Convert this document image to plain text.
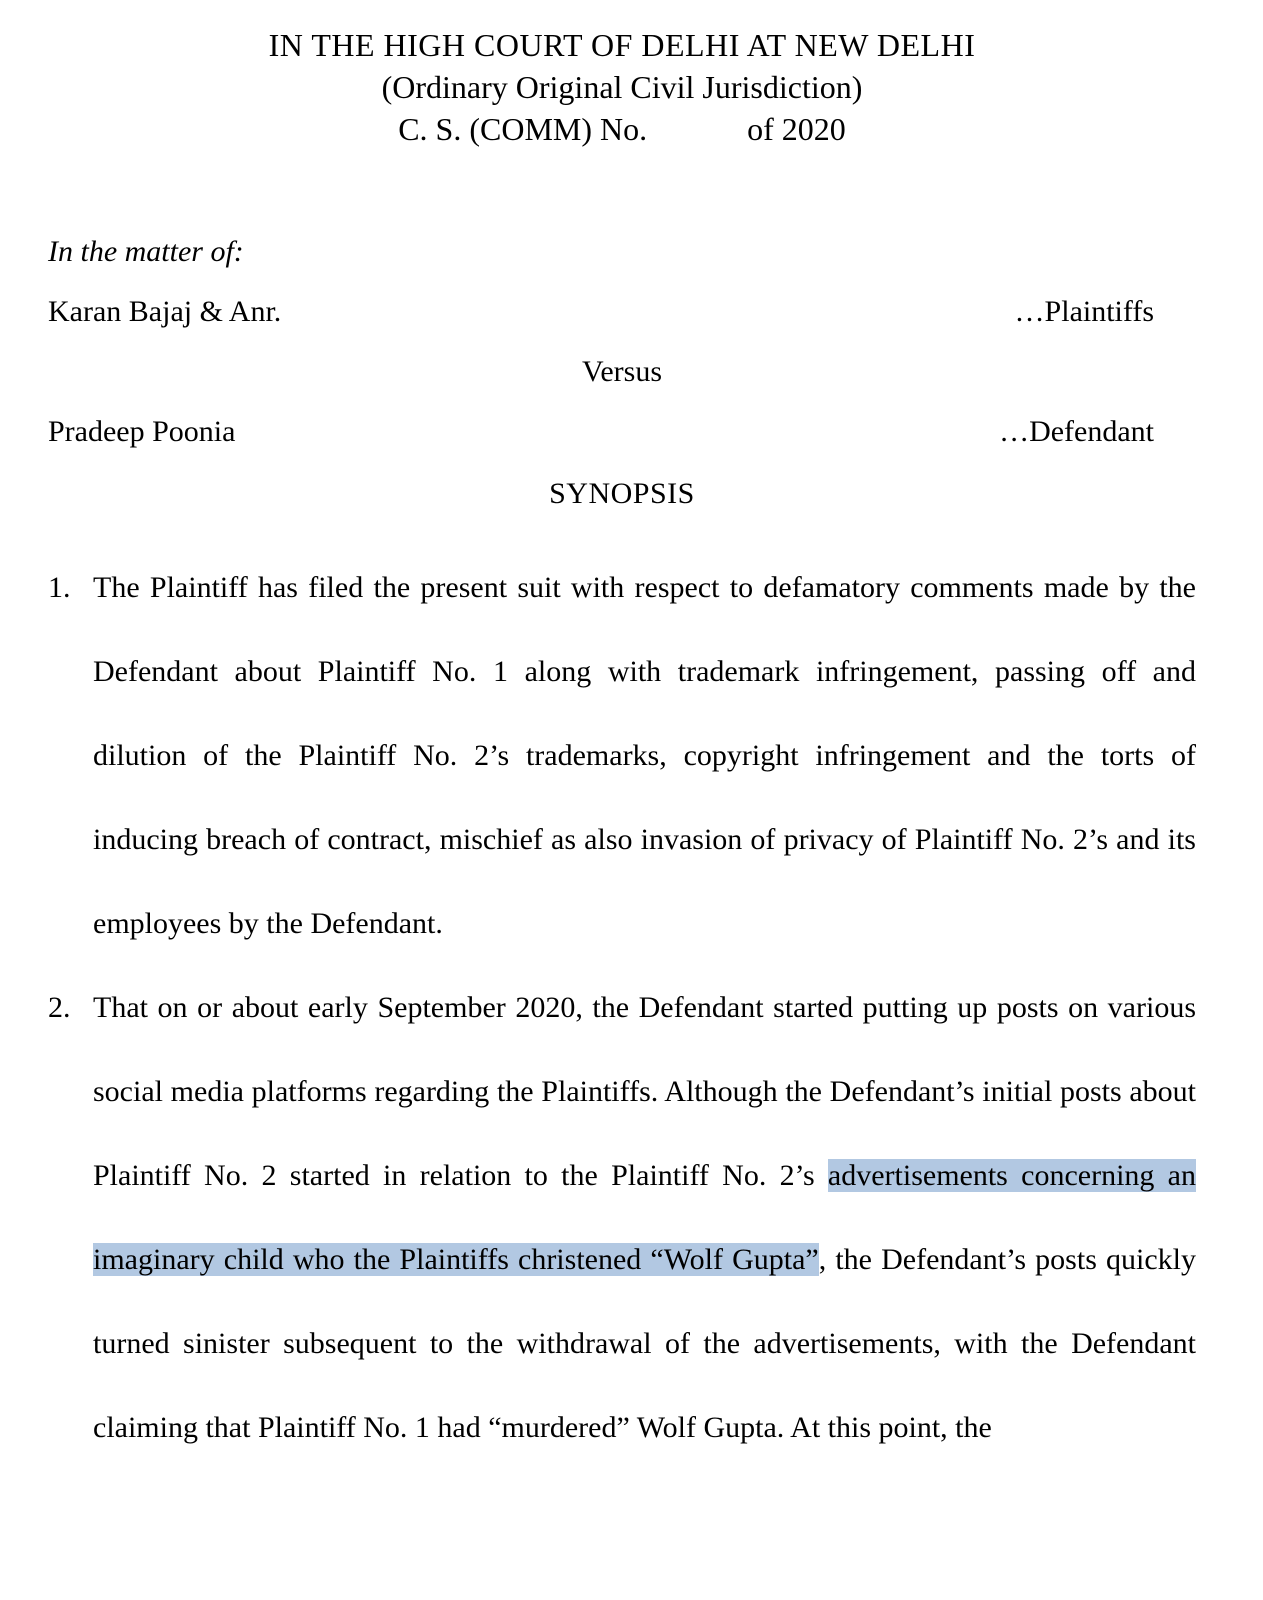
IN THE HIGH COURT OF DELHI AT NEW DELHI
(Ordinary Original Civil Jurisdiction)
C. S. (COMM) No.	of 2020
In the matter of:
Karan Bajaj & Anr.	…Plaintiffs
Versus
Pradeep Poonia	…Defendant
SYNOPSIS
1. The Plaintiff has filed the present suit with respect to defamatory comments made by the Defendant about Plaintiff No. 1 along with trademark infringement, passing off and dilution of the Plaintiff No. 2’s trademarks, copyright infringement and the torts of inducing breach of contract, mischief as also invasion of privacy of Plaintiff No. 2’s and its employees by the Defendant.

2. That on or about early September 2020, the Defendant started putting up posts on various social media platforms regarding the Plaintiffs. Although the Defendant’s initial posts about Plaintiff No. 2 started in relation to the Plaintiff No. 2’s advertisements concerning an imaginary child who the Plaintiffs christened “Wolf Gupta”, the Defendant’s posts quickly turned sinister subsequent to the withdrawal of the advertisements, with the Defendant claiming that Plaintiff No. 1 had “murdered” Wolf Gupta. At this point, the
